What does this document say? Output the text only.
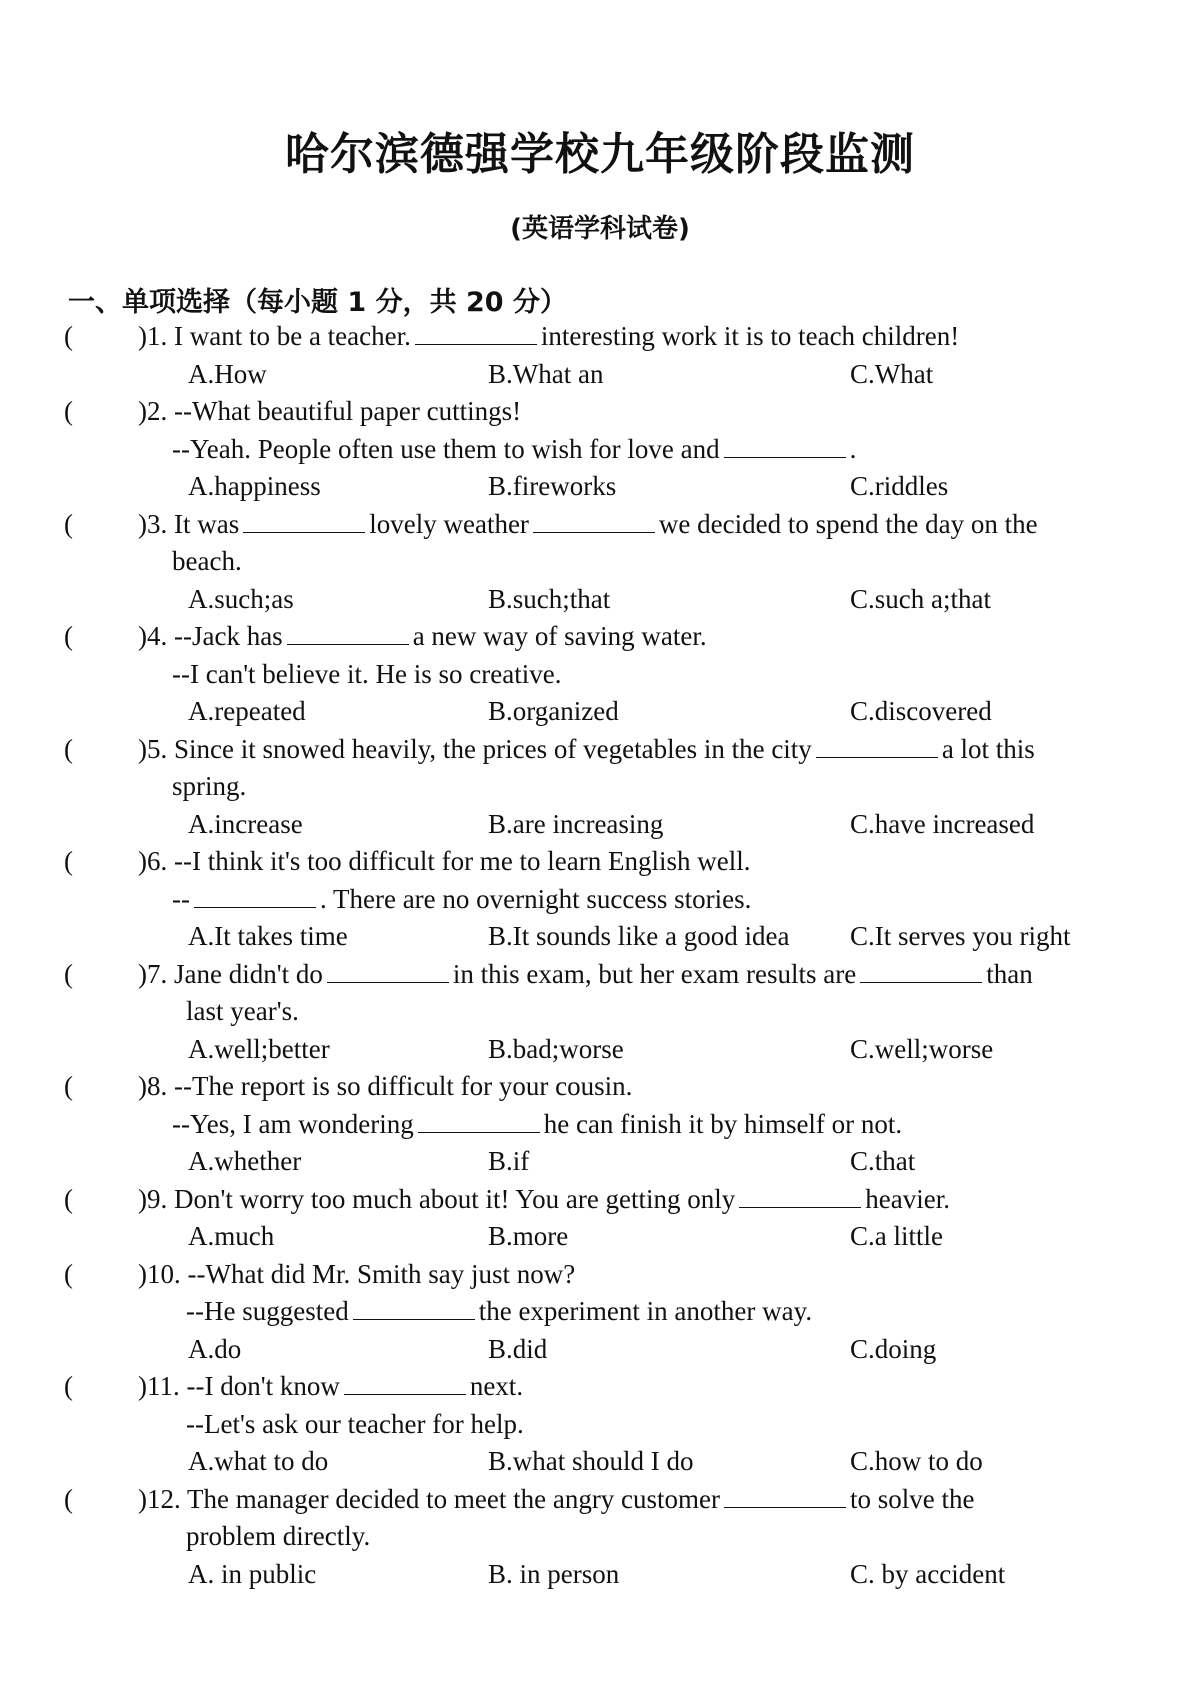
哈尔滨德强学校九年级阶段监测
(英语学科试卷)
一、单项选择（每小题 1 分，共 20 分）
( )1. I want to be a teacher.	interesting work it is to teach children!
A.How	B.What an	C.What
( )2. --What beautiful paper cuttings!
--Yeah. People often use them to wish for love and	.
A.happiness	B.fireworks	C.riddles
( )3. It was	lovely weather	we decided to spend the day on the
beach.
A.such;as	B.such;that	C.such a;that
( )4. --Jack has	a new way of saving water.
--I can't believe it. He is so creative.
A.repeated	B.organized	C.discovered
( )5. Since it snowed heavily, the prices of vegetables in the city	a lot this
spring.
A.increase	B.are increasing	C.have increased
( )6. --I think it's too difficult for me to learn English well.
--	. There are no overnight success stories.
A.It takes time	B.It sounds like a good idea C.It serves you right
( )7. Jane didn't do	in this exam, but her exam results are	than
last year's.
A.well;better	B.bad;worse	C.well;worse
( )8. --The report is so difficult for your cousin.
--Yes, I am wondering	he can finish it by himself or not.
A.whether	B.if	C.that
( )9. Don't worry too much about it! You are getting only	heavier.
A.much	B.more	C.a little
( )10. --What did Mr. Smith say just now?
--He suggested	the experiment in another way.
A.do	B.did	C.doing
( )11. --I don't know	next.
--Let's ask our teacher for help.
A.what to do	B.what should I do	C.how to do
( )12. The manager decided to meet the angry customer	to solve the
problem directly.
A. in public	B. in person	C. by accident
